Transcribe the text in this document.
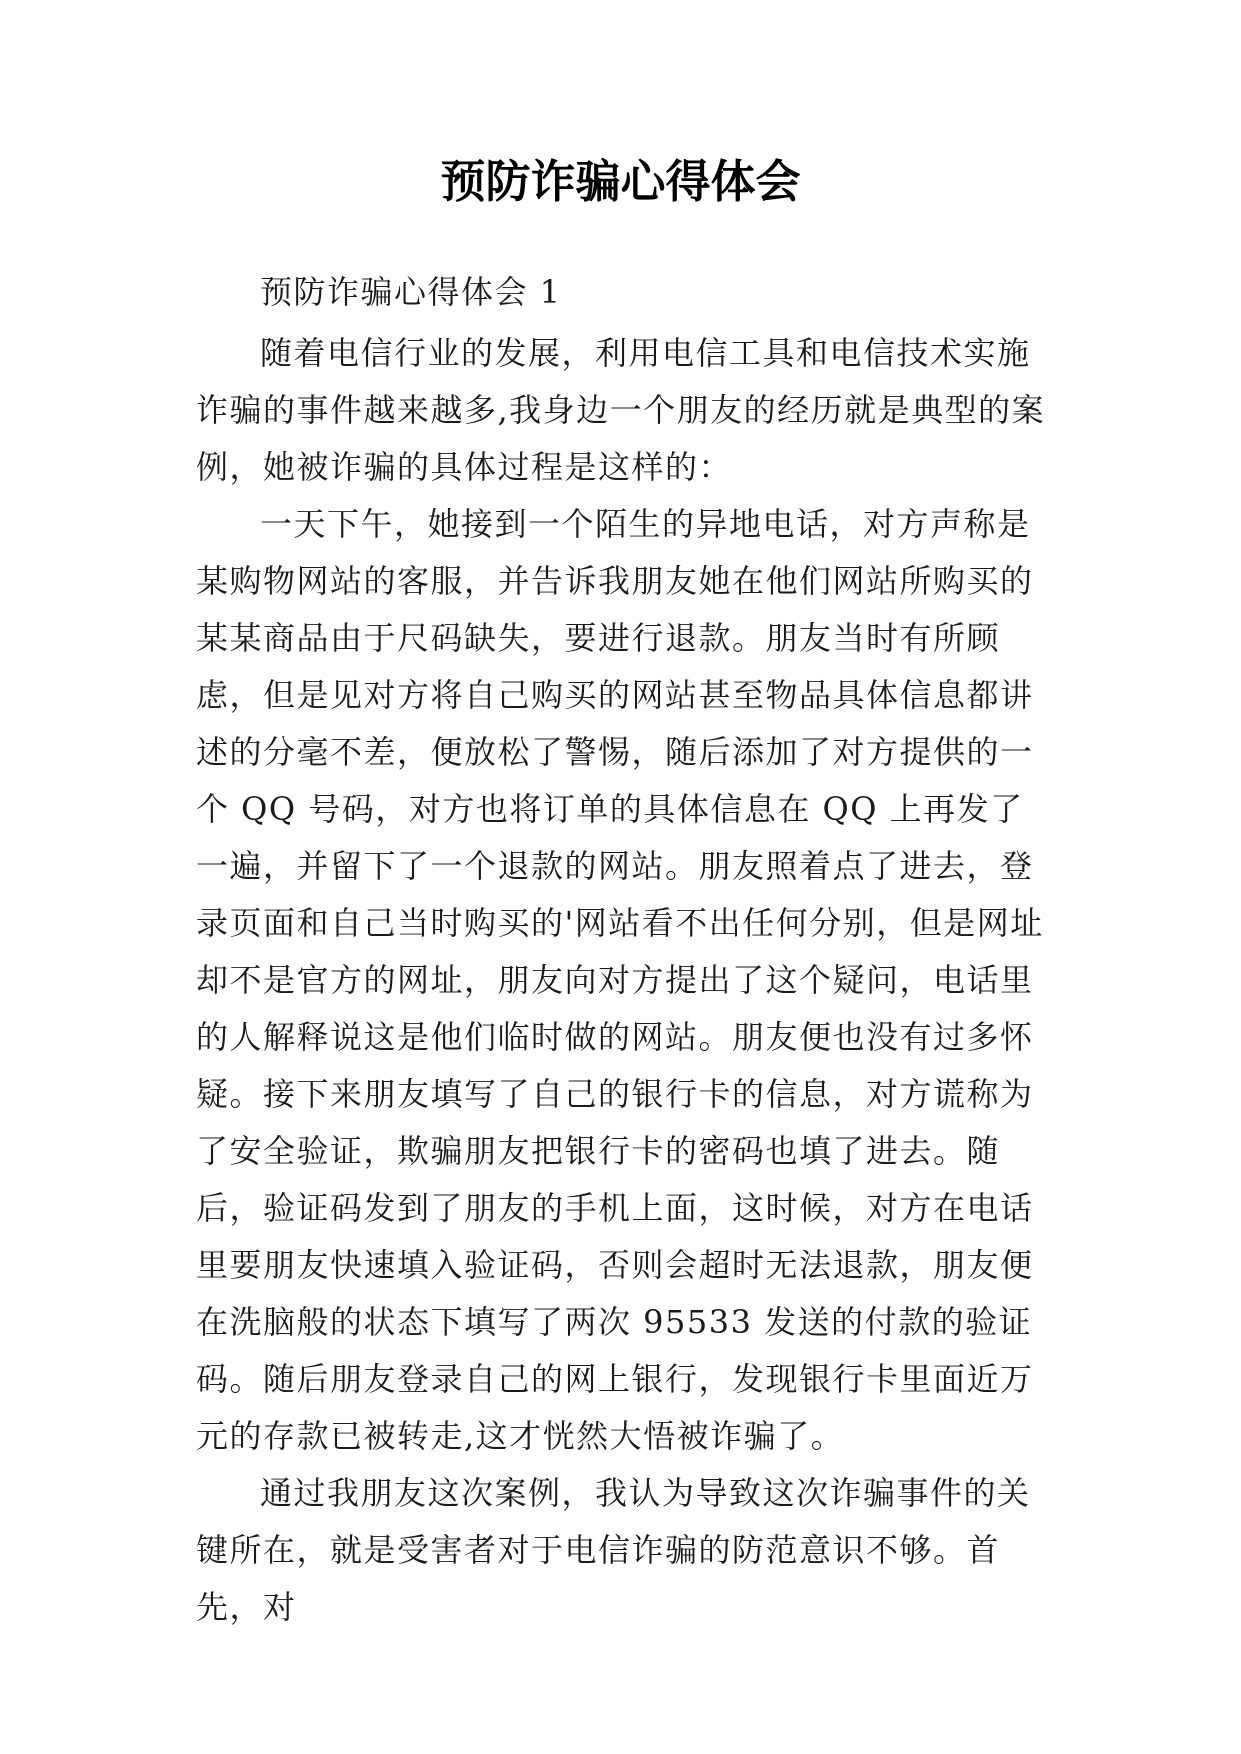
预防诈骗心得体会

预防诈骗心得体会 1

随着电信行业的发展，利用电信工具和电信技术实施诈骗的事件越来越多,我身边一个朋友的经历就是典型的案例，她被诈骗的具体过程是这样的：

一天下午，她接到一个陌生的异地电话，对方声称是某购物网站的客服，并告诉我朋友她在他们网站所购买的某某商品由于尺码缺失，要进行退款。朋友当时有所顾虑，但是见对方将自己购买的网站甚至物品具体信息都讲述的分毫不差，便放松了警惕，随后添加了对方提供的一个 QQ 号码，对方也将订单的具体信息在 QQ 上再发了一遍，并留下了一个退款的网站。朋友照着点了进去，登录页面和自己当时购买的'网站看不出任何分别，但是网址却不是官方的网址，朋友向对方提出了这个疑问，电话里的人解释说这是他们临时做的网站。朋友便也没有过多怀疑。接下来朋友填写了自己的银行卡的信息，对方谎称为了安全验证，欺骗朋友把银行卡的密码也填了进去。随后，验证码发到了朋友的手机上面，这时候，对方在电话里要朋友快速填入验证码，否则会超时无法退款，朋友便在洗脑般的状态下填写了两次 95533 发送的付款的验证码。随后朋友登录自己的网上银行，发现银行卡里面近万元的存款已被转走,这才恍然大悟被诈骗了。

通过我朋友这次案例，我认为导致这次诈骗事件的关键所在，就是受害者对于电信诈骗的防范意识不够。首先，对
